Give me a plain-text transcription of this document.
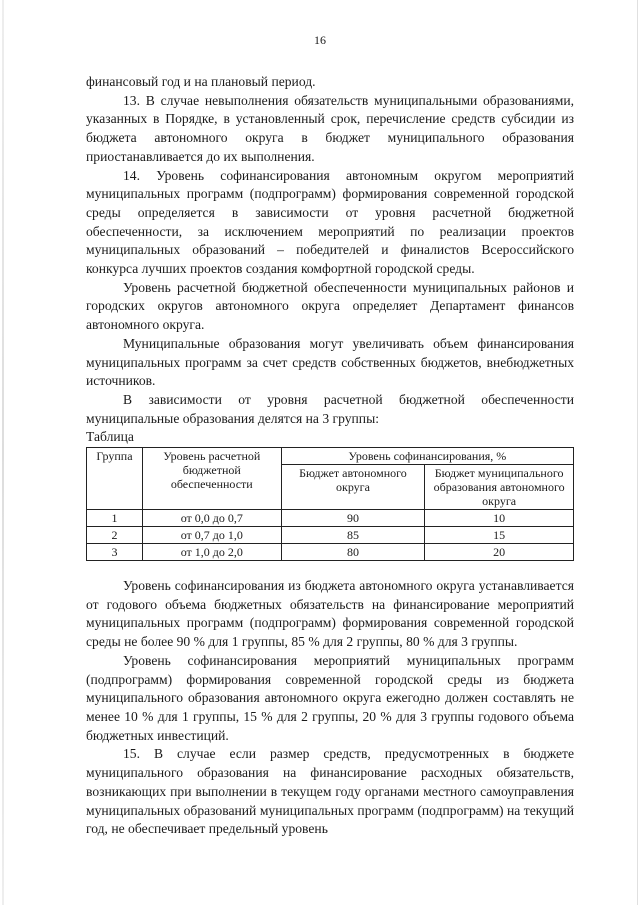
16

финансовый год и на плановый период.

13. В случае невыполнения обязательств муниципальными образованиями, указанных в Порядке, в установленный срок, перечисление средств субсидии из бюджета автономного округа в бюджет муниципального образования приостанавливается до их выполнения.

14. Уровень софинансирования автономным округом мероприятий муниципальных программ (подпрограмм) формирования современной городской среды определяется в зависимости от уровня расчетной бюджетной обеспеченности, за исключением мероприятий по реализации проектов муниципальных образований – победителей и финалистов Всероссийского конкурса лучших проектов создания комфортной городской среды.

Уровень расчетной бюджетной обеспеченности муниципальных районов и городских округов автономного округа определяет Департамент финансов автономного округа.

Муниципальные образования могут увеличивать объем финансирования муниципальных программ за счет средств собственных бюджетов, внебюджетных источников.

В зависимости от уровня расчетной бюджетной обеспеченности муниципальные образования делятся на 3 группы:

Таблица

Группа	Уровень расчетной бюджетной обеспеченности	Уровень софинансирования, %	
		Бюджет автономного округа	Бюджет муниципального образования автономного округа
1	от 0,0 до 0,7	90	10
2	от 0,7 до 1,0	85	15
3	от 1,0 до 2,0	80	20

Уровень софинансирования из бюджета автономного округа устанавливается от годового объема бюджетных обязательств на финансирование мероприятий муниципальных программ (подпрограмм) формирования современной городской среды не более 90 % для 1 группы, 85 % для 2 группы, 80 % для 3 группы.

Уровень софинансирования мероприятий муниципальных программ (подпрограмм) формирования современной городской среды из бюджета муниципального образования автономного округа ежегодно должен составлять не менее 10 % для 1 группы, 15 % для 2 группы, 20 % для 3 группы годового объема бюджетных инвестиций.

15. В случае если размер средств, предусмотренных в бюджете муниципального образования на финансирование расходных обязательств, возникающих при выполнении в текущем году органами местного самоуправления муниципальных образований муниципальных программ (подпрограмм) на текущий год, не обеспечивает предельный уровень
